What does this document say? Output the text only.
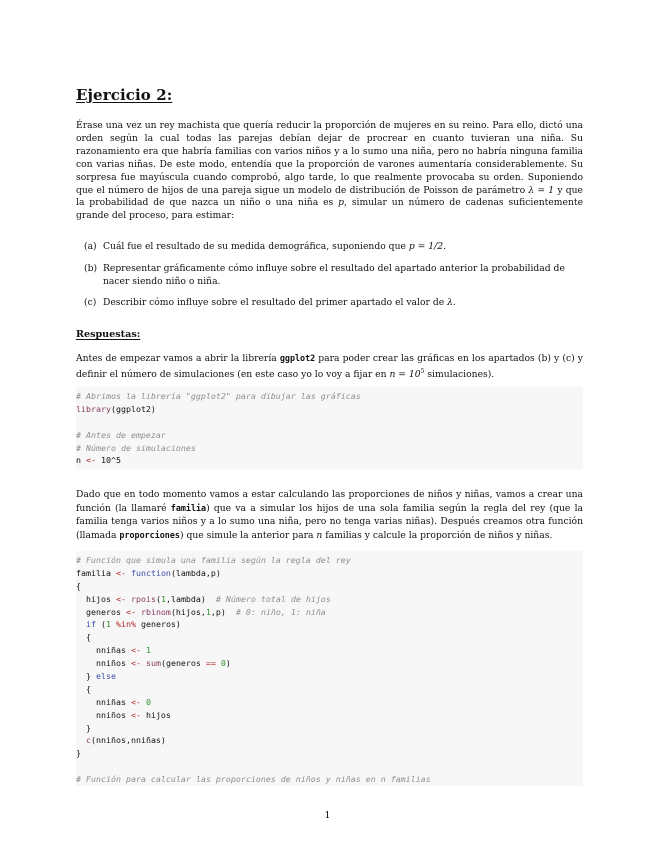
Ejercicio 2:
Érase una vez un rey machista que quería reducir la proporción de mujeres en su reino. Para ello, dictó una orden según la cual todas las parejas debían dejar de procrear en cuanto tuvieran una niña. Su razonamiento era que habría familias con varios niños y a lo sumo una niña, pero no habría ninguna familia con varias niñas. De este modo, entendía que la proporción de varones aumentaría considerablemente. Su sorpresa fue mayúscula cuando comprobó, algo tarde, lo que realmente provocaba su orden. Suponiendo que el número de hijos de una pareja sigue un modelo de distribución de Poisson de parámetro λ = 1 y que la probabilidad de que nazca un niño o una niña es p, simular un número de cadenas suficientemente grande del proceso, para estimar:
(a) Cuál fue el resultado de su medida demográfica, suponiendo que p = 1/2.
(b) Representar gráficamente cómo influye sobre el resultado del apartado anterior la probabilidad de nacer siendo niño o niña.
(c) Describir cómo influye sobre el resultado del primer apartado el valor de λ.
Respuestas:
Antes de empezar vamos a abrir la librería ggplot2 para poder crear las gráficas en los apartados (b) y (c) y definir el número de simulaciones (en este caso yo lo voy a fijar en $n = 10^5$ simulaciones).
# Abrimos la librería "ggplot2" para dibujar las gráficas
library(ggplot2)

# Antes de empezar
# Número de simulaciones
n <- 10^5
Dado que en todo momento vamos a estar calculando las proporciones de niños y niñas, vamos a crear una función (la llamaré familia) que va a simular los hijos de una sola familia según la regla del rey (que la familia tenga varios niños y a lo sumo una niña, pero no tenga varias niñas). Después creamos otra función (llamada proporciones) que simule la anterior para n familias y calcule la proporción de niños y niñas.
# Función que simula una familia según la regla del rey
familia <- function(lambda,p)
{
hijos <- rpois(1,lambda)  # Número total de hijos
generos <- rbinom(hijos,1,p)  # 0: niño, 1: niña
if (1 %in% generos)
{
nniñas <- 1
nniños <- sum(generos == 0)
} else
{
nniñas <- 0
nniños <- hijos
}
c(nniños,nniñas)
}

# Función para calcular las proporciones de niños y niñas en n familias
1
